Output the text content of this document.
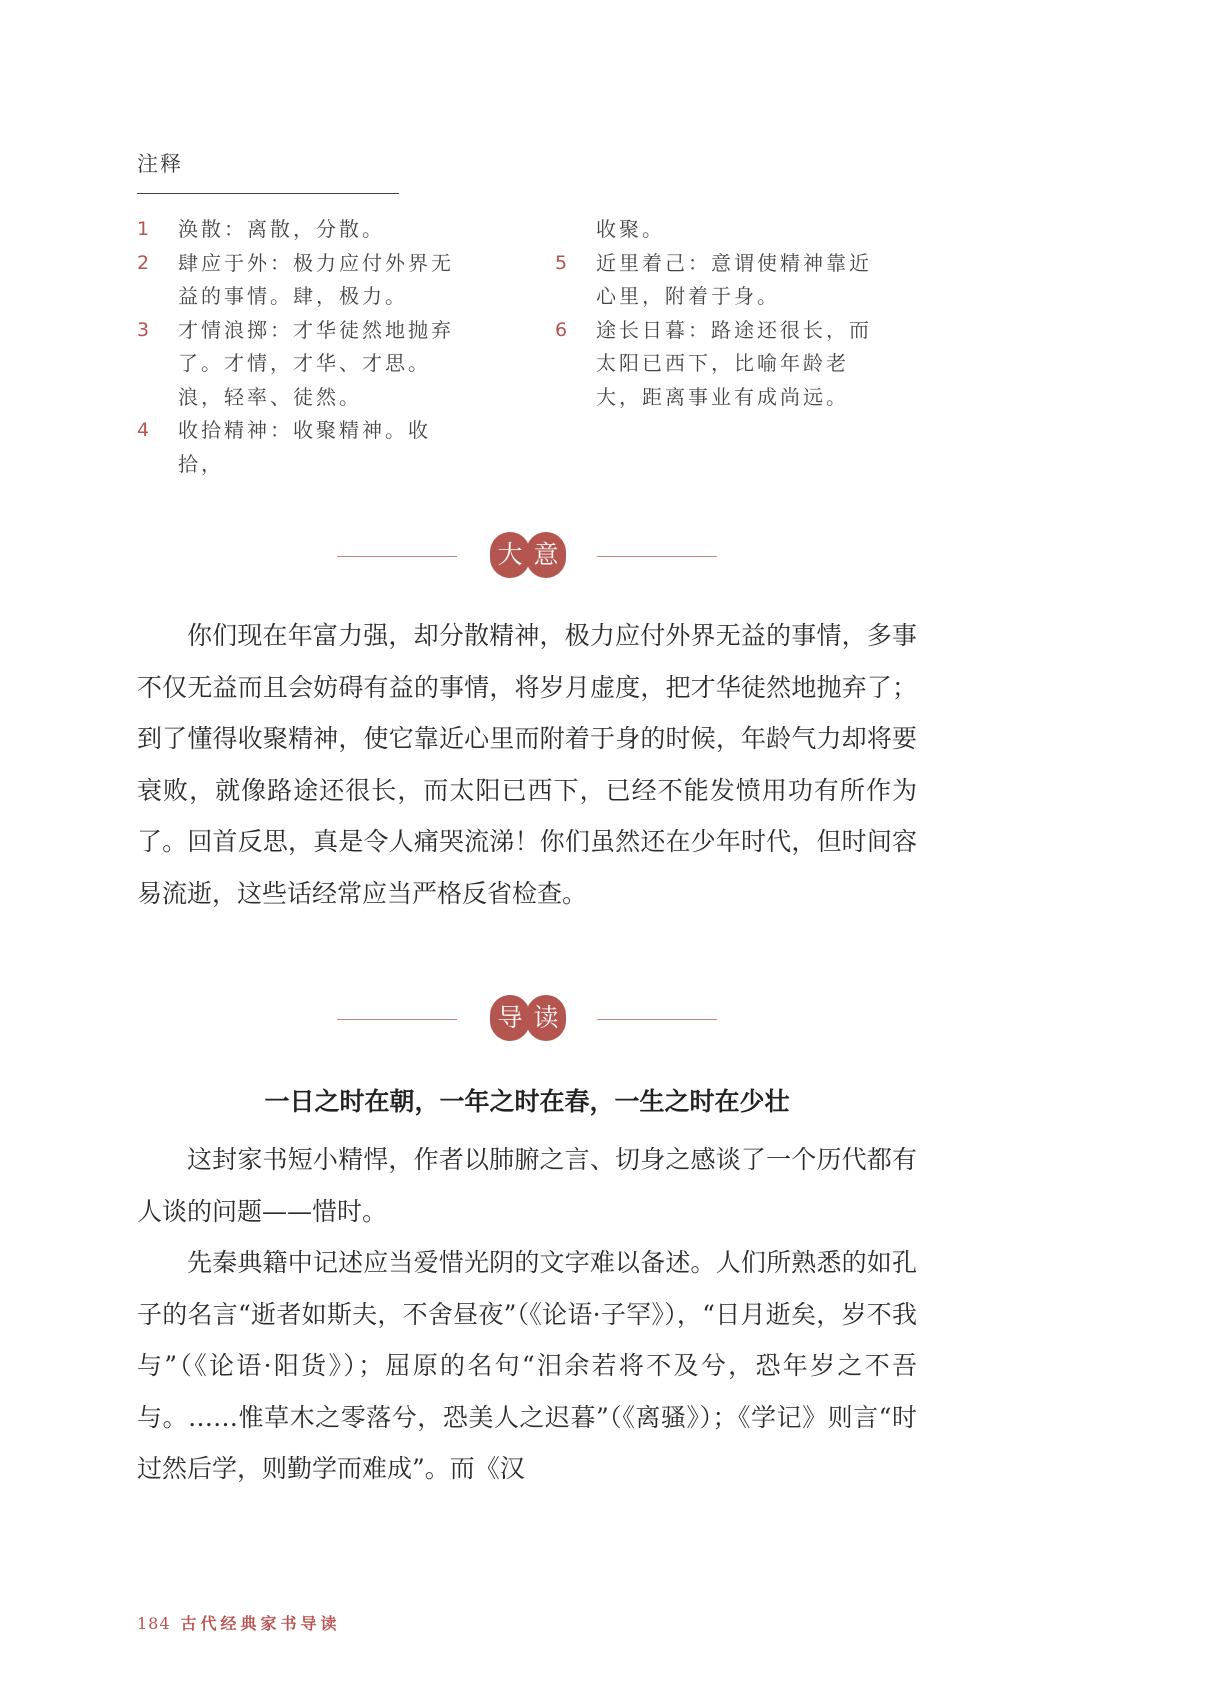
注释

1 涣散：离散，分散。

2 肆应于外：极力应付外界无益的事情。肆，极力。

3 才情浪掷：才华徒然地抛弃了。才情，才华、才思。浪，轻率、徒然。

4 收拾精神：收聚精神。收拾，

收聚。

5 近里着己：意谓使精神靠近心里，附着于身。

6 途长日暮：路途还很长，而太阳已西下，比喻年龄老大，距离事业有成尚远。

大 意

你们现在年富力强，却分散精神，极力应付外界无益的事情，多事不仅无益而且会妨碍有益的事情，将岁月虚度，把才华徒然地抛弃了；到了懂得收聚精神，使它靠近心里而附着于身的时候，年龄气力却将要衰败，就像路途还很长，而太阳已西下，已经不能发愤用功有所作为了。回首反思，真是令人痛哭流涕！你们虽然还在少年时代，但时间容易流逝，这些话经常应当严格反省检查。

导 读
一日之时在朝，一年之时在春，一生之时在少壮

这封家书短小精悍，作者以肺腑之言、切身之感谈了一个历代都有人谈的问题——惜时。

先秦典籍中记述应当爱惜光阴的文字难以备述。人们所熟悉的如孔子的名言“逝者如斯夫，不舍昼夜”（《论语·子罕》），“日月逝矣，岁不我与”（《论语·阳货》）；屈原的名句“汨余若将不及兮，恐年岁之不吾与。……惟草木之零落兮，恐美人之迟暮”（《离骚》）；《学记》则言“时过然后学，则勤学而难成”。而《汉

184 古代经典家书导读
